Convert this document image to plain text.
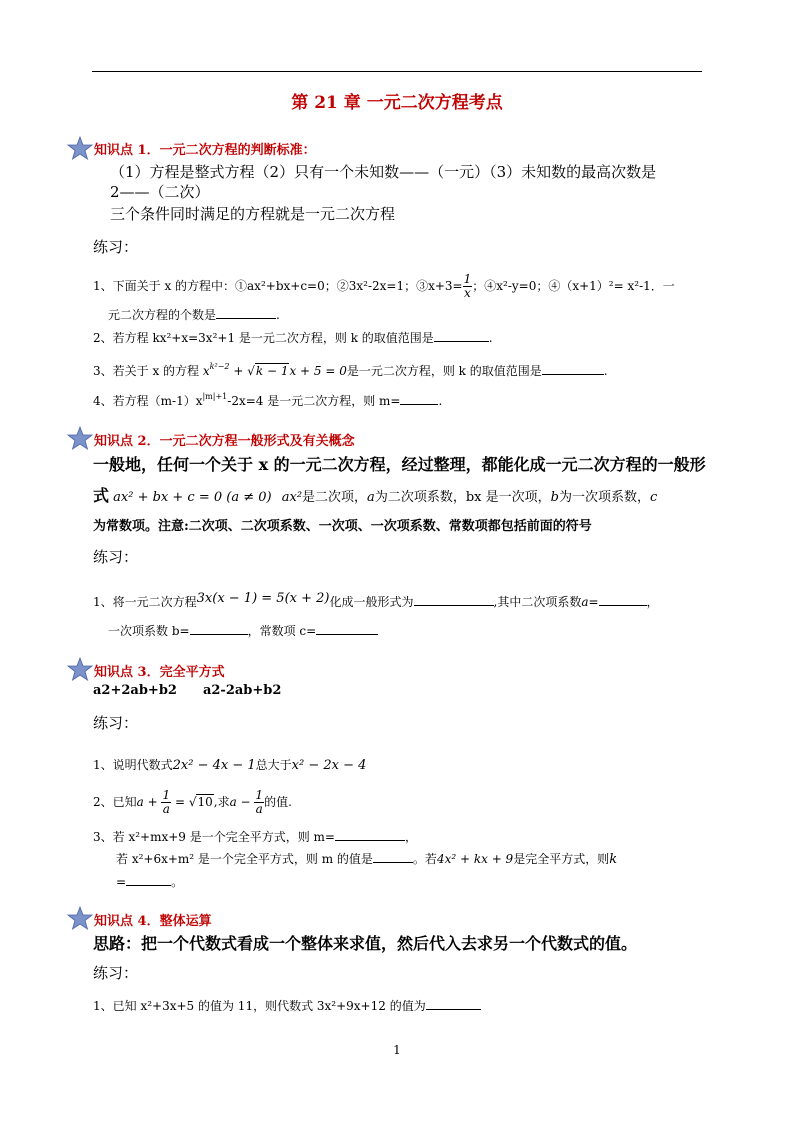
第 21 章 一元二次方程考点
知识点 1．一元二次方程的判断标准：
（1）方程是整式方程（2）只有一个未知数——（一元）（3）未知数的最高次数是
2——（二次）
三个条件同时满足的方程就是一元二次方程
练习：
1、下面关于 x 的方程中：①ax²+bx+c=0；②3x²-2x=1；③x+3= $\frac{1}{x}$ ；④x²-y=0；④（x+1）²= x²-1．一
元二次方程的个数是	.
2、若方程 kx²+x=3x²+1 是一元二次方程，则 k 的取值范围是	.
3、若关于 x 的方程 $x^{k^2-2} + √k - 1x + 5 = 0$是一元二次方程，则 k 的取值范围是	.
4、若方程$(m-1)x^{|m|+1}-2x=4$ 是一元二次方程，则 m=	.
知识点 2．一元二次方程一般形式及有关概念
一般地，任何一个关于 x 的一元二次方程，经过整理，都能化成一元二次方程的一般形
式 ax² + bx + c = 0 (a ≠ 0) ax²是二次项，a为二次项系数，bx 是一次项，b为一次项系数，c
为常数项。注意:二次项、二次项系数、一次项、一次项系数、常数项都包括前面的符号
练习：
1、将一元二次方程3x(x − 1) = 5(x + 2)化成一般形式为	,其中二次项系数a=	，
一次项系数 b=	，常数项 c=
知识点 3．完全平方式
a2+2ab+b2 a2-2ab+b2
练习：
1、说明代数式2x² − 4x − 1总大于x² − 2x − 4
2、已知$a + \frac{1}{a} = √10$,求$a - \frac{1}{a}$ 的值.
3、若 x²+mx+9 是一个完全平方式，则 m=	，
若 x²+6x+m² 是一个完全平方式，则 m 的值是	。若4x² + kx + 9是完全平方式，则k
=	。
知识点 4．整体运算
思路：把一个代数式看成一个整体来求值，然后代入去求另一个代数式的值。
练习：
1、已知 x²+3x+5 的值为 11，则代数式 3x²+9x+12 的值为
1
